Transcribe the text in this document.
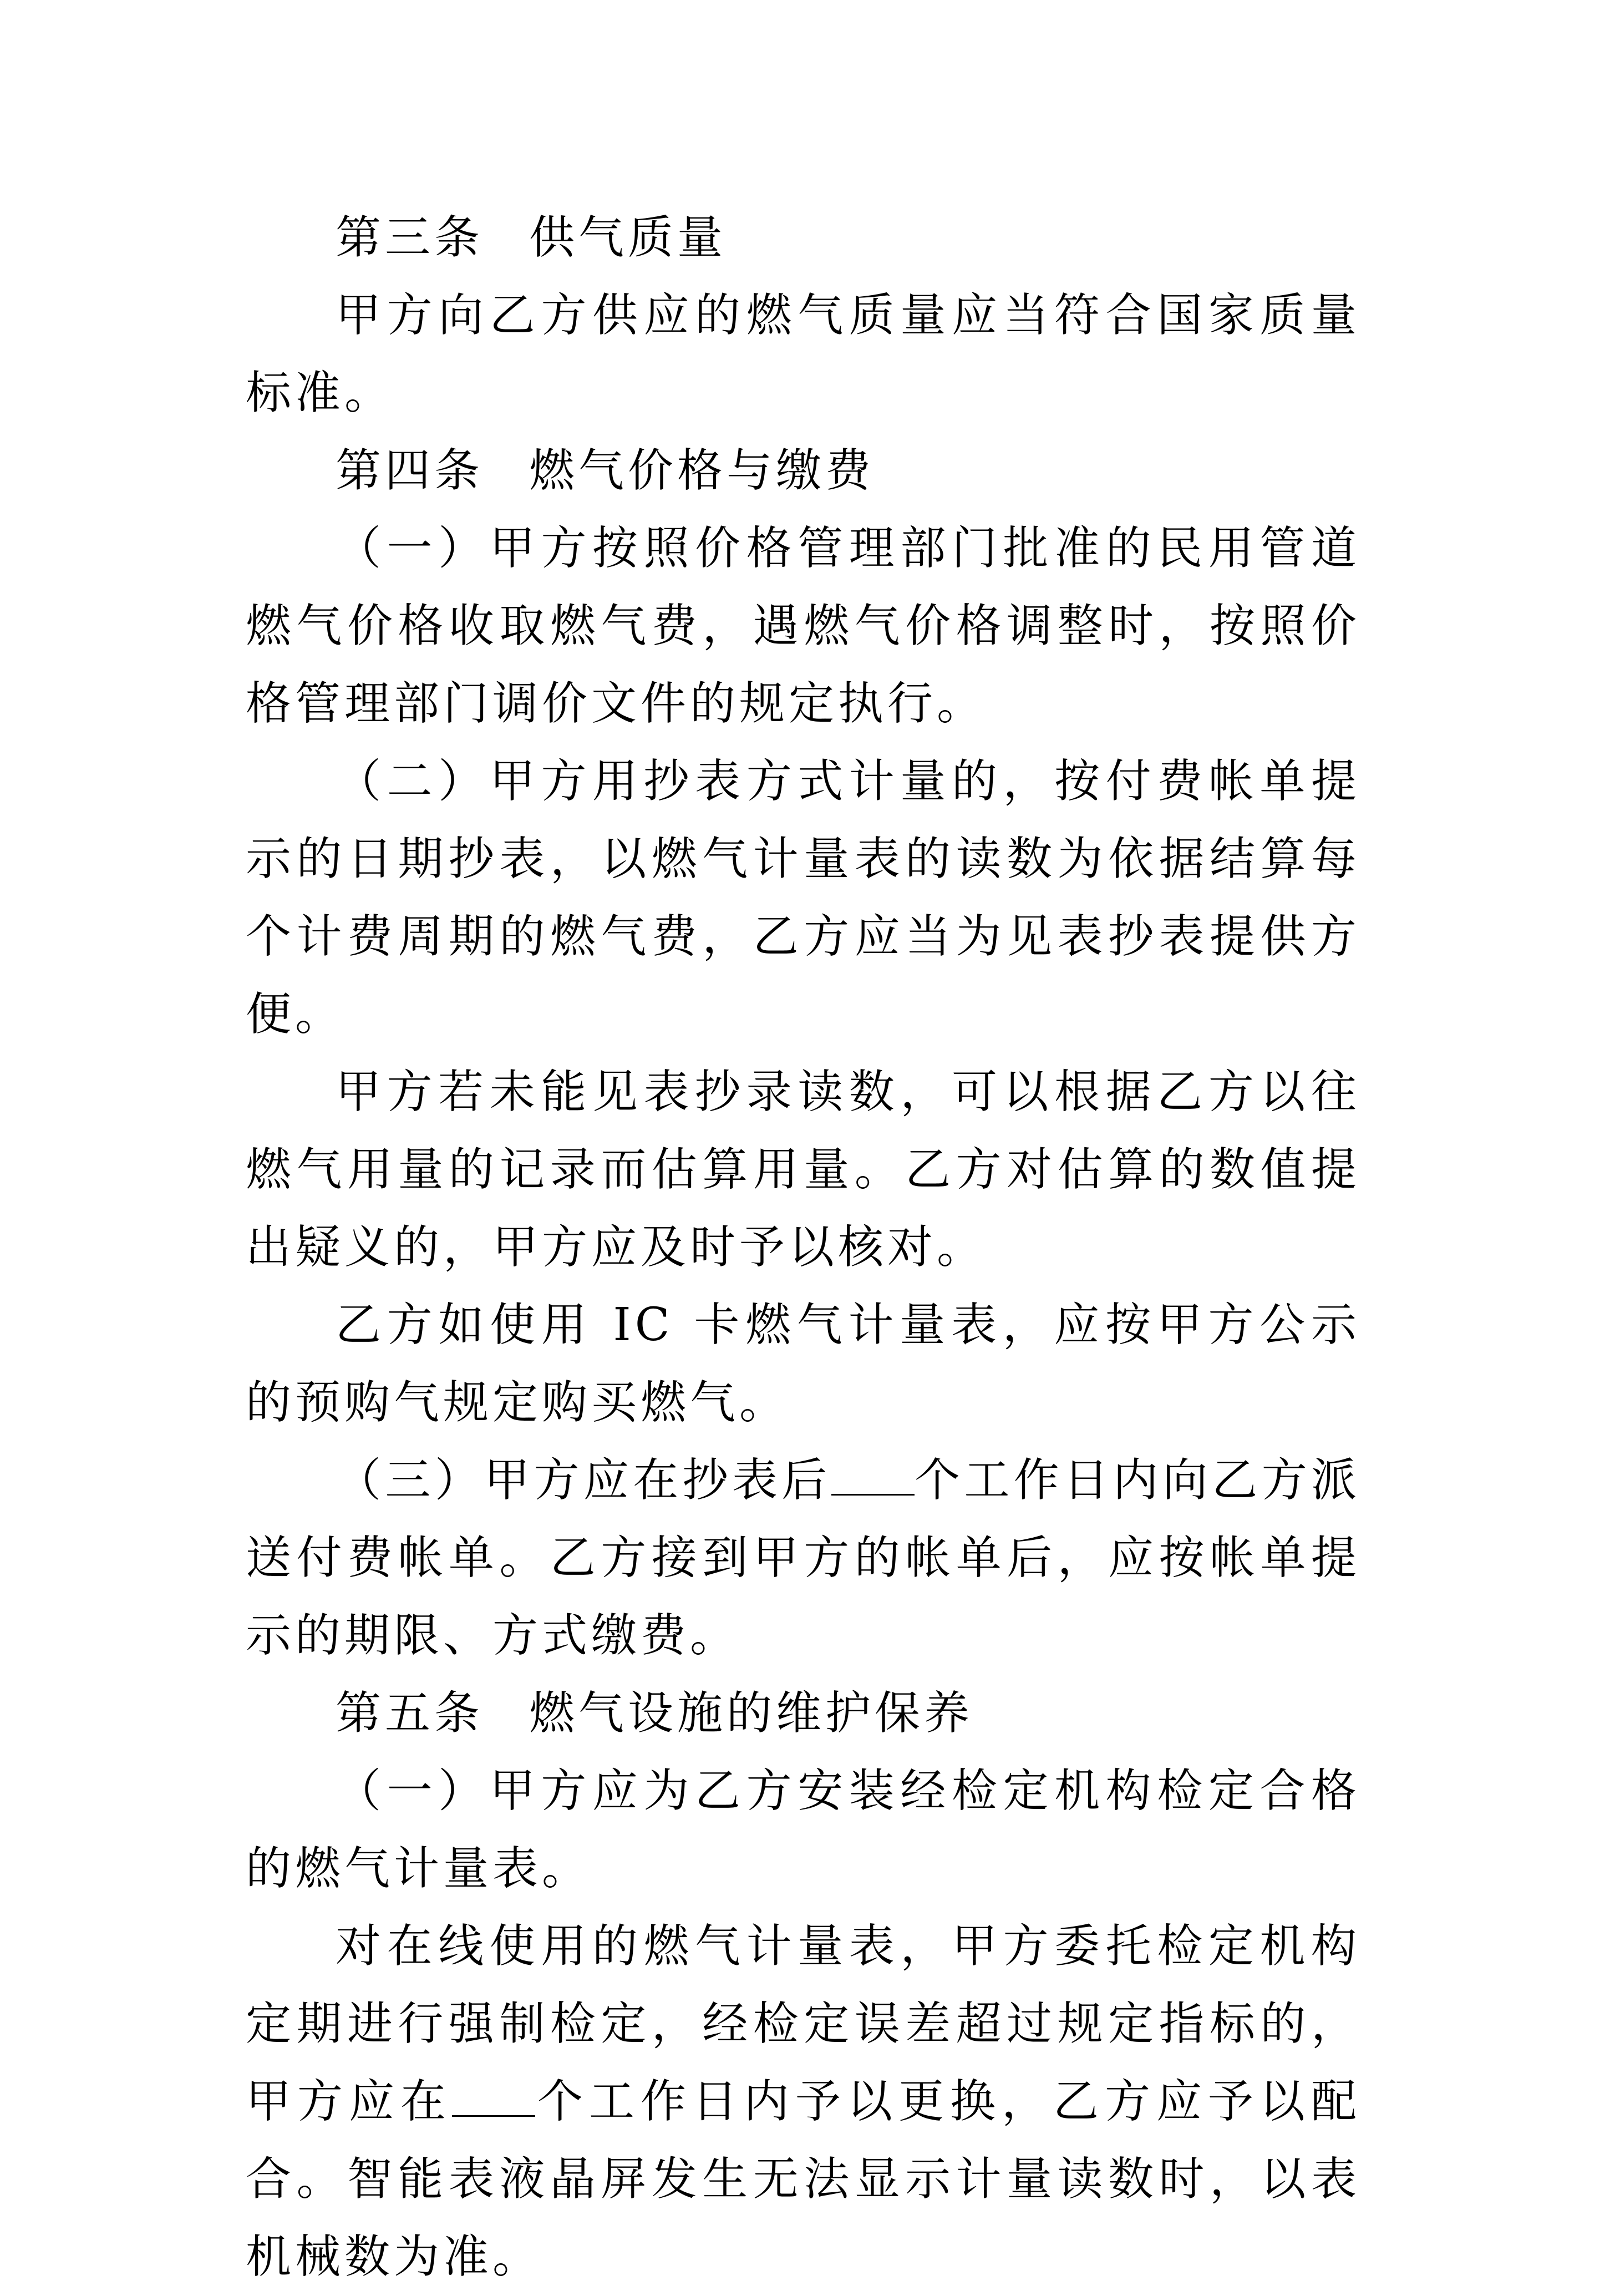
第三条 供气质量

甲方向乙方供应的燃气质量应当符合国家质量标准。

第四条 燃气价格与缴费

（一）甲方按照价格管理部门批准的民用管道燃气价格收取燃气费，遇燃气价格调整时，按照价格管理部门调价文件的规定执行。

（二）甲方用抄表方式计量的，按付费帐单提示的日期抄表，以燃气计量表的读数为依据结算每个计费周期的燃气费，乙方应当为见表抄表提供方便。

甲方若未能见表抄录读数，可以根据乙方以往燃气用量的记录而估算用量。乙方对估算的数值提出疑义的，甲方应及时予以核对。

乙方如使用 IC 卡燃气计量表，应按甲方公示的预购气规定购买燃气。

（三）甲方应在抄表后 个工作日内向乙方派送付费帐单。乙方接到甲方的帐单后，应按帐单提示的期限、方式缴费。

第五条 燃气设施的维护保养

（一）甲方应为乙方安装经检定机构检定合格的燃气计量表。

对在线使用的燃气计量表，甲方委托检定机构定期进行强制检定，经检定误差超过规定指标的，甲方应在 个工作日内予以更换，乙方应予以配合。智能表液晶屏发生无法显示计量读数时，以表机械数为准。
